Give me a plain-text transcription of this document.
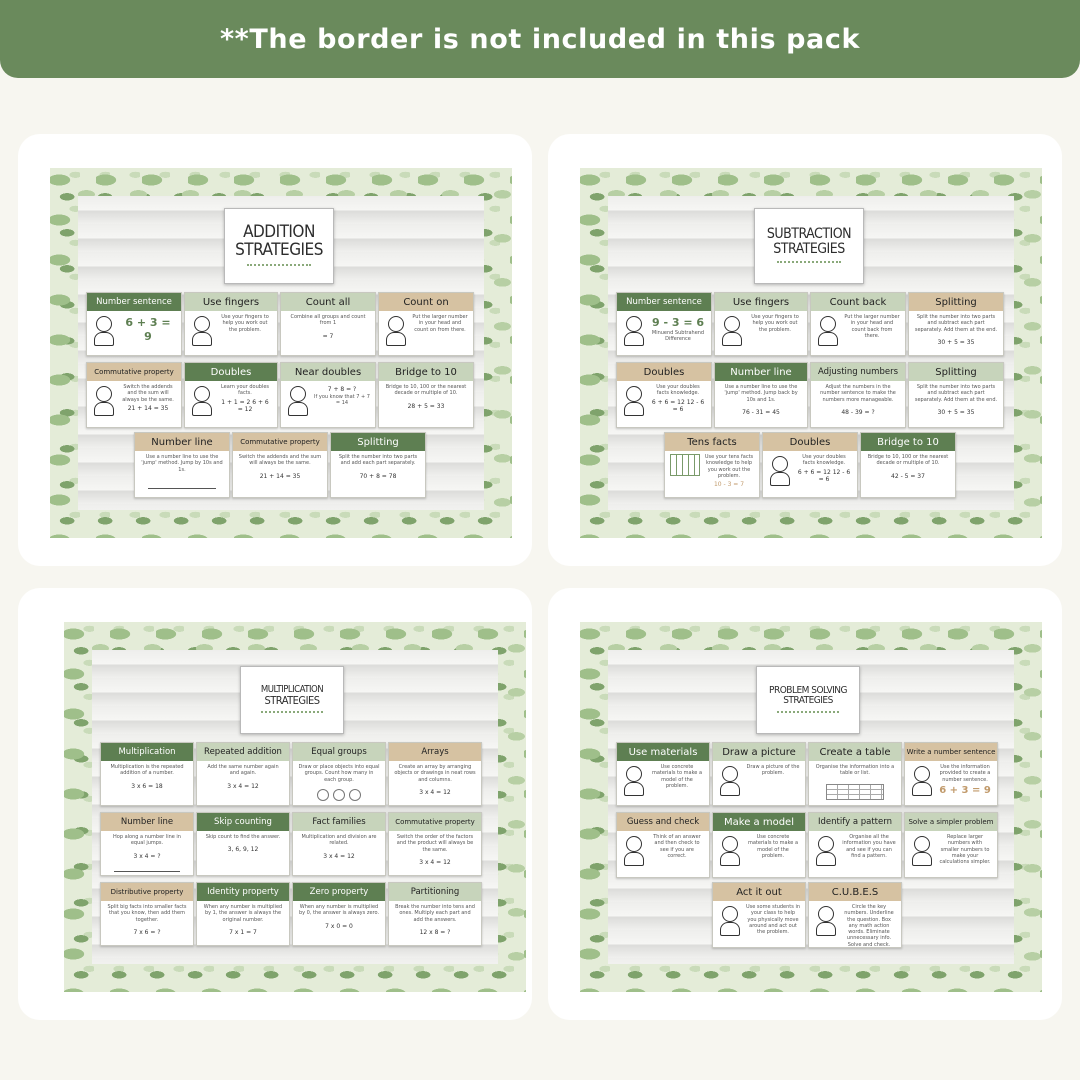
**The border is not included in this pack
ADDITION
STRATEGIES
Number sentence
6 + 3 = 9
Use fingers
Use your fingers to help you work out the problem.
Count all
Combine all groups and count from 1
= 7
Count on
Put the larger number in your head and count on from there.
Commutative property
Switch the addends and the sum will always be the same.
21 + 14 = 35
Doubles
Learn your doubles facts.
1 + 1 = 2 6 + 6 = 12
Near doubles
7 + 8 = ?
If you know that 7 + 7 = 14
Bridge to 10
Bridge to 10, 100 or the nearest decade or multiple of 10.
28 + 5 = 33
Number line
Use a number line to use the 'jump' method. Jump by 10s and 1s.
Commutative property
Switch the addends and the sum will always be the same.
21 + 14 = 35
Splitting
Split the number into two parts and add each part separately.
70 + 8 = 78
SUBTRACTION
STRATEGIES
Number sentence
9 - 3 = 6
Minuend Subtrahend Difference
Use fingers
Use your fingers to help you work out the problem.
Count back
Put the larger number in your head and count back from there.
Splitting
Split the number into two parts and subtract each part separately. Add them at the end.
30 + 5 = 35
Doubles
Use your doubles facts knowledge.
6 + 6 = 12 12 - 6 = 6
Number line
Use a number line to use the 'jump' method. Jump back by 10s and 1s.
76 - 31 = 45
Adjusting numbers
Adjust the numbers in the number sentence to make the numbers more manageable.
48 - 39 = ?
Splitting
Split the number into two parts and subtract each part separately. Add them at the end.
30 + 5 = 35
Tens facts
Use your tens facts knowledge to help you work out the problem.
10 - 3 = 7
Doubles
Use your doubles facts knowledge.
6 + 6 = 12 12 - 6 = 6
Bridge to 10
Bridge to 10, 100 or the nearest decade or multiple of 10.
42 - 5 = 37
MULTIPLICATION
STRATEGIES
Multiplication
Multiplication is the repeated addition of a number.
3 x 6 = 18
Repeated addition
Add the same number again and again.
3 x 4 = 12
Equal groups
Draw or place objects into equal groups. Count how many in each group.
Arrays
Create an array by arranging objects or drawings in neat rows and columns.
3 x 4 = 12
Number line
Hop along a number line in equal jumps.
3 x 4 = ?
Skip counting
Skip count to find the answer.
3, 6, 9, 12
Fact families
Multiplication and division are related.
3 x 4 = 12
Commutative property
Switch the order of the factors and the product will always be the same.
3 x 4 = 12
Distributive property
Split big facts into smaller facts that you know, then add them together.
7 x 6 = ?
Identity property
When any number is multiplied by 1, the answer is always the original number.
7 x 1 = 7
Zero property
When any number is multiplied by 0, the answer is always zero.
7 x 0 = 0
Partitioning
Break the number into tens and ones. Multiply each part and add the answers.
12 x 8 = ?
PROBLEM SOLVING
STRATEGIES
Use materials
Use concrete materials to make a model of the problem.
Draw a picture
Draw a picture of the problem.
Create a table
Organise the information into a table or list.
Write a number sentence
Use the information provided to create a number sentence.
6 + 3 = 9
Guess and check
Think of an answer and then check to see if you are correct.
Make a model
Use concrete materials to make a model of the problem.
Identify a pattern
Organise all the information you have and see if you can find a pattern.
Solve a simpler problem
Replace larger numbers with smaller numbers to make your calculations simpler.
Act it out
Use some students in your class to help you physically move around and act out the problem.
C.U.B.E.S
Circle the key numbers. Underline the question. Box any math action words. Eliminate unnecessary info. Solve and check.
